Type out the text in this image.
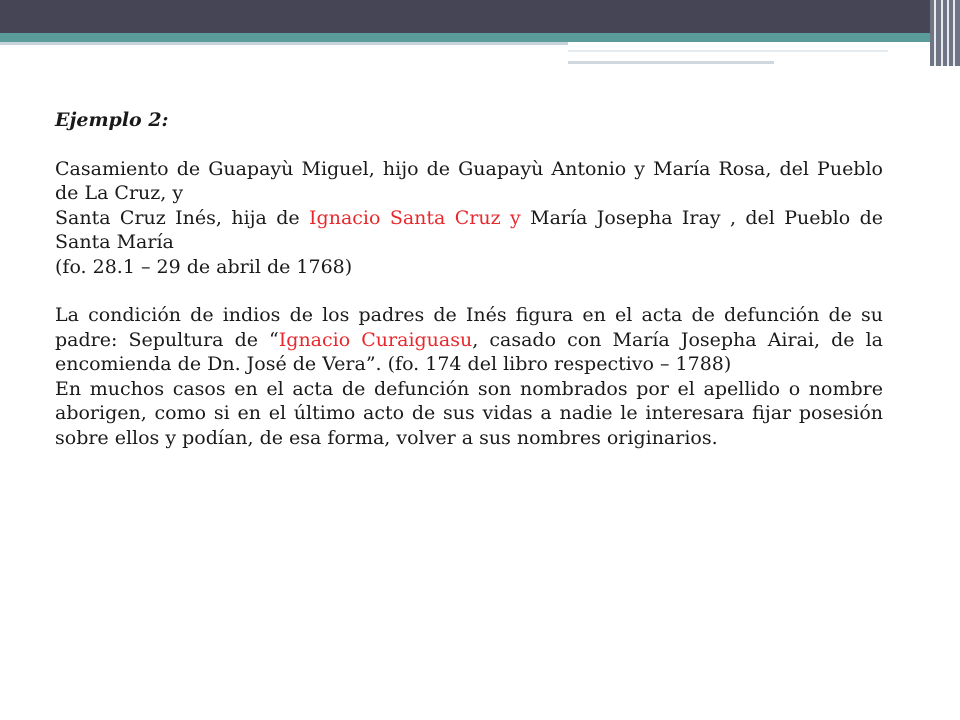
Ejemplo 2:

Casamiento de Guapayù Miguel, hijo de Guapayù Antonio y María Rosa, del Pueblo de La Cruz, y
Santa Cruz Inés, hija de Ignacio Santa Cruz y María Josepha Iray , del Pueblo de Santa María
(fo. 28.1 – 29 de abril de 1768)

La condición de indios de los padres de Inés figura en el acta de defunción de su padre: Sepultura de “Ignacio Curaiguasu, casado con María Josepha Airai, de la encomienda de Dn. José de Vera”. (fo. 174 del libro respectivo – 1788)

En muchos casos en el acta de defunción son nombrados por el apellido o nombre aborigen, como si en el último acto de sus vidas a nadie le interesara fijar posesión sobre ellos y podían, de esa forma, volver a sus nombres originarios.
